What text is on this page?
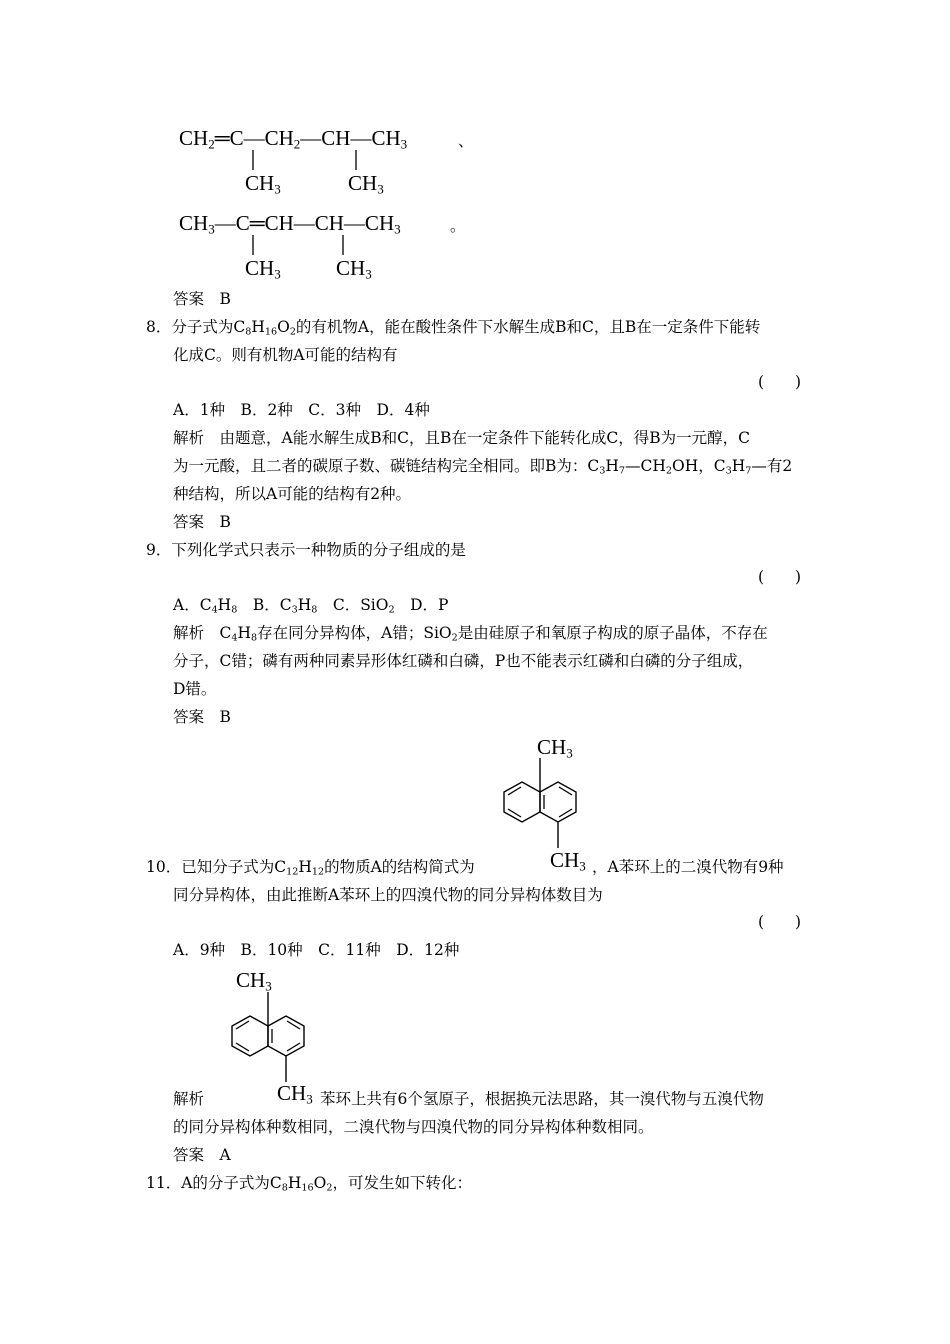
$CH_2═C—CH_2—CH—CH_3$	、
$CH_3$	$CH_3$
$CH_3—C═CH—CH—CH_3$	。
$CH_3$	$CH_3$
答案　B
8．分子式为$C_8H_{16}O_2$的有机物A，能在酸性条件下水解生成B和C，且B在一定条件下能转
化成C。则有机物A可能的结构有
(　　)
A．1种　B．2种　C．3种　D．4种
解析　由题意，A能水解生成B和C，且B在一定条件下能转化成C，得B为一元醇，C
为一元酸，且二者的碳原子数、碳链结构完全相同。即B为：$C_3H_7—CH_2OH$，$C_3H_7—$有2
种结构，所以A可能的结构有2种。
答案　B
9．下列化学式只表示一种物质的分子组成的是
(　　)
A．$C_4H_8$　B．$C_3H_8$　C．SiO$_2$　D．P
解析　$C_4H_8$存在同分异构体，A错；SiO$_2$是由硅原子和氧原子构成的原子晶体，不存在
分子，C错；磷有两种同素异形体红磷和白磷，P也不能表示红磷和白磷的分子组成，
D错。
答案　B
$CH_3$
$CH_3$
10．已知分子式为$C_{12}H_{12}$的物质A的结构简式为	，A苯环上的二溴代物有9种
同分异构体，由此推断A苯环上的四溴代物的同分异构体数目为
(　　)
A．9种　B．10种　C．11种　D．12种
$CH_3$
$CH_3$
解析	苯环上共有6个氢原子，根据换元法思路，其一溴代物与五溴代物
的同分异构体种数相同，二溴代物与四溴代物的同分异构体种数相同。
答案　A
11．A的分子式为$C_8H_{16}O_2$，可发生如下转化：
